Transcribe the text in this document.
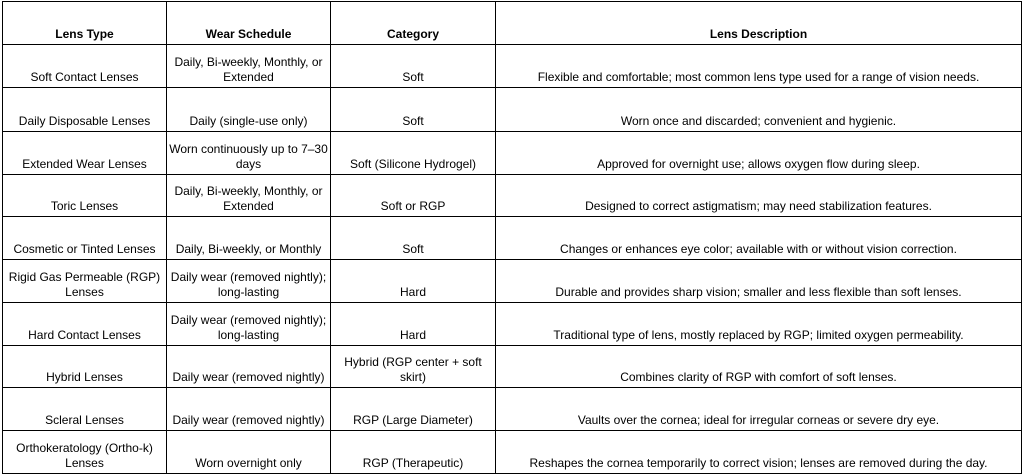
Lens Type	Wear Schedule	Category	Lens Description
Soft Contact Lenses	Daily, Bi-weekly, Monthly, or Extended	Soft	Flexible and comfortable; most common lens type used for a range of vision needs.
Daily Disposable Lenses	Daily (single-use only)	Soft	Worn once and discarded; convenient and hygienic.
Extended Wear Lenses	Worn continuously up to 7–30 days	Soft (Silicone Hydrogel)	Approved for overnight use; allows oxygen flow during sleep.
Toric Lenses	Daily, Bi-weekly, Monthly, or Extended	Soft or RGP	Designed to correct astigmatism; may need stabilization features.
Cosmetic or Tinted Lenses	Daily, Bi-weekly, or Monthly	Soft	Changes or enhances eye color; available with or without vision correction.
Rigid Gas Permeable (RGP) Lenses	Daily wear (removed nightly); long-lasting	Hard	Durable and provides sharp vision; smaller and less flexible than soft lenses.
Hard Contact Lenses	Daily wear (removed nightly); long-lasting	Hard	Traditional type of lens, mostly replaced by RGP; limited oxygen permeability.
Hybrid Lenses	Daily wear (removed nightly)	Hybrid (RGP center + soft skirt)	Combines clarity of RGP with comfort of soft lenses.
Scleral Lenses	Daily wear (removed nightly)	RGP (Large Diameter)	Vaults over the cornea; ideal for irregular corneas or severe dry eye.
Orthokeratology (Ortho-k) Lenses	Worn overnight only	RGP (Therapeutic)	Reshapes the cornea temporarily to correct vision; lenses are removed during the day.
